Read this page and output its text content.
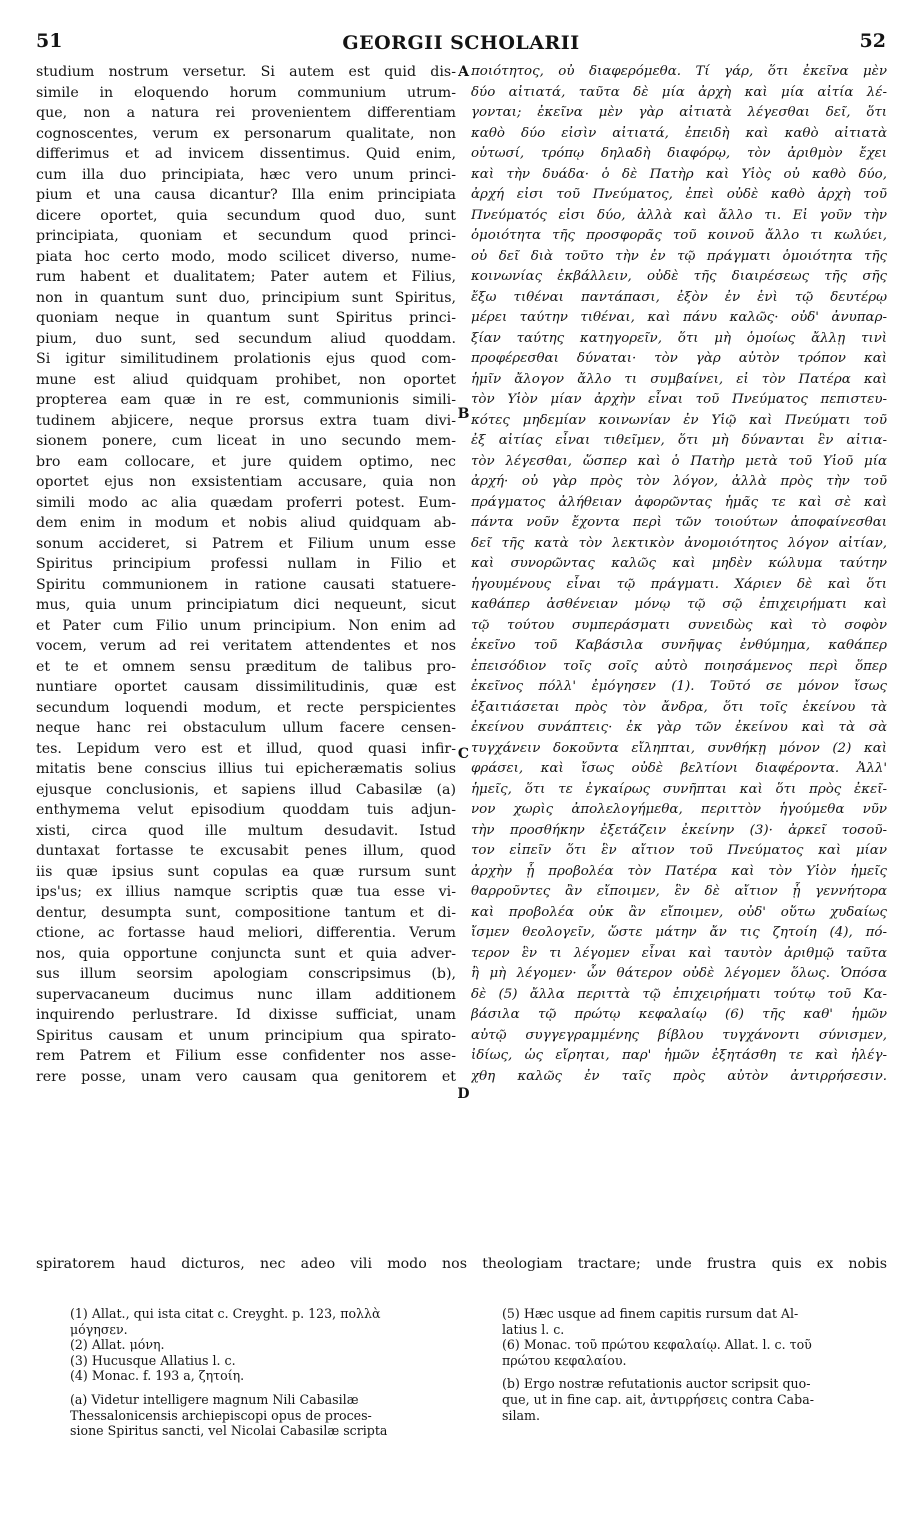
51	GEORGII SCHOLARII	52
studium nostrum versetur. Si autem est quid dis-
simile in eloquendo horum communium utrum-
que, non a natura rei provenientem differentiam
cognoscentes, verum ex personarum qualitate, non
differimus et ad invicem dissentimus. Quid enim,
cum illa duo principiata, hæc vero unum princi-
pium et una causa dicantur? Illa enim principiata
dicere oportet, quia secundum quod duo, sunt
principiata, quoniam et secundum quod princi-
piata hoc certo modo, modo scilicet diverso, nume-
rum habent et dualitatem; Pater autem et Filius,
non in quantum sunt duo, principium sunt Spiritus,
quoniam neque in quantum sunt Spiritus princi-
pium, duo sunt, sed secundum aliud quoddam.
Si igitur similitudinem prolationis ejus quod com-
mune est aliud quidquam prohibet, non oportet
propterea eam quæ in re est, communionis simili-
tudinem abjicere, neque prorsus extra tuam divi-
sionem ponere, cum liceat in uno secundo mem-
bro eam collocare, et jure quidem optimo, nec
oportet ejus non exsistentiam accusare, quia non
simili modo ac alia quædam proferri potest. Eum-
dem enim in modum et nobis aliud quidquam ab-
sonum accideret, si Patrem et Filium unum esse
Spiritus principium professi nullam in Filio et
Spiritu communionem in ratione causati statuere-
mus, quia unum principiatum dici nequeunt, sicut
et Pater cum Filio unum principium. Non enim ad
vocem, verum ad rei veritatem attendentes et nos
et te et omnem sensu præditum de talibus pro-
nuntiare oportet causam dissimilitudinis, quæ est
secundum loquendi modum, et recte perspicientes
neque hanc rei obstaculum ullum facere censen-
tes. Lepidum vero est et illud, quod quasi infir-
mitatis bene conscius illius tui epicheræmatis solius
ejusque conclusionis, et sapiens illud Cabasilæ (a)
enthymema velut episodium quoddam tuis adjun-
xisti, circa quod ille multum desudavit. Istud
duntaxat fortasse te excusabit penes illum, quod
iis quæ ipsius sunt copulas ea quæ rursum sunt
ips'us; ex illius namque scriptis quæ tua esse vi-
dentur, desumpta sunt, compositione tantum et di-
ctione, ac fortasse haud meliori, differentia. Verum
nos, quia opportune conjuncta sunt et quia adver-
sus illum seorsim apologiam conscripsimus (b),
supervacaneum ducimus nunc illam additionem
inquirendo perlustrare. Id dixisse sufficiat, unam
Spiritus causam et unum principium qua spirato-
rem Patrem et Filium esse confidenter nos asse-
rere posse, unam vero causam qua genitorem et
ποιότητος, οὐ διαφερόμεθα. Τί γάρ, ὅτι ἐκεῖνα μὲν
δύο αἰτιατά, ταῦτα δὲ μία ἀρχὴ καὶ μία αἰτία λέ-
γονται; ἐκεῖνα μὲν γὰρ αἰτιατὰ λέγεσθαι δεῖ, ὅτι
καθὸ δύο εἰσὶν αἰτιατά, ἐπειδὴ καὶ καθὸ αἰτιατὰ
οὑτωσί, τρόπῳ δηλαδὴ διαφόρῳ, τὸν ἀριθμὸν ἔχει
καὶ τὴν δυάδα· ὁ δὲ Πατὴρ καὶ Υἱὸς οὐ καθὸ δύο,
ἀρχή εἰσι τοῦ Πνεύματος, ἐπεὶ οὐδὲ καθὸ ἀρχὴ τοῦ
Πνεύματός εἰσι δύο, ἀλλὰ καὶ ἄλλο τι. Εἰ γοῦν τὴν
ὁμοιότητα τῆς προσφορᾶς τοῦ κοινοῦ ἄλλο τι κωλύει,
οὐ δεῖ διὰ τοῦτο τὴν ἐν τῷ πράγματι ὁμοιότητα τῆς
κοινωνίας ἐκβάλλειν, οὐδὲ τῆς διαιρέσεως τῆς σῆς
ἔξω τιθέναι παντάπασι, ἐξὸν ἐν ἑνὶ τῷ δευτέρῳ
μέρει ταύτην τιθέναι, καὶ πάνυ καλῶς· οὐδ' ἀνυπαρ-
ξίαν ταύτης κατηγορεῖν, ὅτι μὴ ὁμοίως ἄλλῃ τινὶ
προφέρεσθαι δύναται· τὸν γὰρ αὐτὸν τρόπον καὶ
ἡμῖν ἄλογον ἄλλο τι συμβαίνει, εἰ τὸν Πατέρα καὶ
τὸν Υἱὸν μίαν ἀρχὴν εἶναι τοῦ Πνεύματος πεπιστευ-
κότες μηδεμίαν κοινωνίαν ἐν Υἱῷ καὶ Πνεύματι τοῦ
ἐξ αἰτίας εἶναι τιθεῖμεν, ὅτι μὴ δύνανται ἓν αἰτια-
τὸν λέγεσθαι, ὥσπερ καὶ ὁ Πατὴρ μετὰ τοῦ Υἱοῦ μία
ἀρχή· οὐ γὰρ πρὸς τὸν λόγον, ἀλλὰ πρὸς τὴν τοῦ
πράγματος ἀλήθειαν ἀφορῶντας ἡμᾶς τε καὶ σὲ καὶ
πάντα νοῦν ἔχοντα περὶ τῶν τοιούτων ἀποφαίνεσθαι
δεῖ τῆς κατὰ τὸν λεκτικὸν ἀνομοιότητος λόγον αἰτίαν,
καὶ συνορῶντας καλῶς καὶ μηδὲν κώλυμα ταύτην
ἡγουμένους εἶναι τῷ πράγματι. Χάριεν δὲ καὶ ὅτι
καθάπερ ἀσθένειαν μόνῳ τῷ σῷ ἐπιχειρήματι καὶ
τῷ τούτου συμπεράσματι συνειδὼς καὶ τὸ σοφὸν
ἐκεῖνο τοῦ Καβάσιλα συνῆψας ἐνθύμημα, καθάπερ
ἐπεισόδιον τοῖς σοῖς αὐτὸ ποιησάμενος περὶ ὅπερ
ἐκεῖνος πόλλ' ἐμόγησεν (1). Τοῦτό σε μόνον ἴσως
ἐξαιτιάσεται πρὸς τὸν ἄνδρα, ὅτι τοῖς ἐκείνου τὰ
ἐκείνου συνάπτεις· ἐκ γὰρ τῶν ἐκείνου καὶ τὰ σὰ
τυγχάνειν δοκοῦντα εἴληπται, συνθήκῃ μόνον (2) καὶ
φράσει, καὶ ἴσως οὐδὲ βελτίονι διαφέροντα. Ἀλλ'
ἡμεῖς, ὅτι τε ἐγκαίρως συνῆπται καὶ ὅτι πρὸς ἐκεῖ-
νον χωρὶς ἀπολελογήμεθα, περιττὸν ἡγούμεθα νῦν
τὴν προσθήκην ἐξετάζειν ἐκείνην (3)· ἀρκεῖ τοσοῦ-
τον εἰπεῖν ὅτι ἓν αἴτιον τοῦ Πνεύματος καὶ μίαν
ἀρχὴν ᾗ προβολέα τὸν Πατέρα καὶ τὸν Υἱὸν ἡμεῖς
θαρροῦντες ἂν εἴποιμεν, ἓν δὲ αἴτιον ᾗ γεννήτορα
καὶ προβολέα οὐκ ἂν εἴποιμεν, οὐδ' οὕτω χυδαίως
ἴσμεν θεολογεῖν, ὥστε μάτην ἄν τις ζητοίη (4), πό-
τερον ἓν τι λέγομεν εἶναι καὶ ταυτὸν ἀριθμῷ ταῦτα
ἢ μὴ λέγομεν· ὧν θάτερον οὐδὲ λέγομεν ὅλως. Ὁπόσα
δὲ (5) ἄλλα περιττὰ τῷ ἐπιχειρήματι τούτῳ τοῦ Κα-
βάσιλα τῷ πρώτῳ κεφαλαίῳ (6) τῆς καθ' ἡμῶν
αὐτῷ συγγεγραμμένης βίβλου τυγχάνοντι σύνισμεν,
ἰδίως, ὡς εἴρηται, παρ' ἡμῶν ἐξητάσθη τε καὶ ἠλέγ-
χθη καλῶς ἐν ταῖς πρὸς αὐτὸν ἀντιρρήσεσιν.
A
B
C
D
spiratorem haud dicturos, nec adeo vili modo nos theologiam tractare; unde frustra quis ex nobis
(1) Allat., qui ista citat c. Creyght. p. 123, πολλὰ
μόγησεν.
(2) Allat. μόνη.
(3) Hucusque Allatius l. c.
(4) Monac. f. 193 a, ζητοίη.
(a) Videtur intelligere magnum Nili Cabasilæ
Thessalonicensis archiepiscopi opus de proces-
sione Spiritus sancti, vel Nicolai Cabasilæ scripta
(5) Hæc usque ad finem capitis rursum dat Al-
latius l. c.
(6) Monac. τοῦ πρώτου κεφαλαίῳ. Allat. l. c. τοῦ
πρώτου κεφαλαίου.
(b) Ergo nostræ refutationis auctor scripsit quo-
que, ut in fine cap. ait, ἀντιρρήσεις contra Caba-
silam.
